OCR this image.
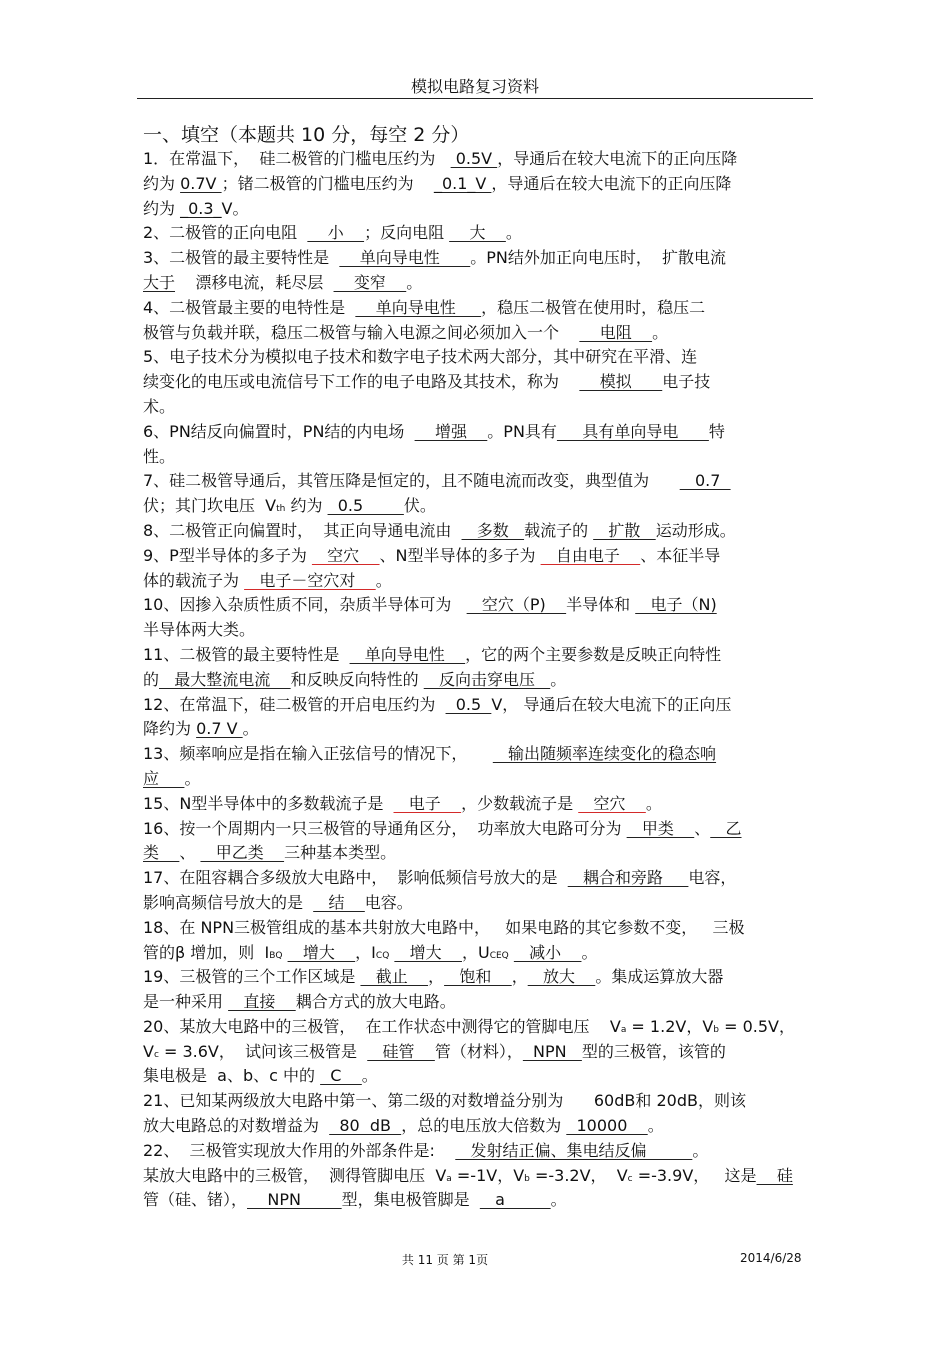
模拟电路复习资料
一、填空（本题共 10 分，每空 2 分）
1．在常温下，  硅二极管的门槛电压约为    0.5V ，导通后在较大电流下的正向压降
约为 0.7V ；锗二极管的门槛电压约为    _0.1_V ，导通后在较大电流下的正向压降
约为 _0.3_V。
2、二极管的正向电阻      小    ；反向电阻     大    。
3、二极管的最主要特性是      单向导电性      。PN结外加正向电压时，  扩散电流
大于    漂移电流，耗尽层      变窄    。
4、二极管最主要的电特性是      单向导电性     ，稳压二极管在使用时，稳压二
极管与负载并联，稳压二极管与输入电源之间必须加入一个        电阻    。
5、电子技术分为模拟电子技术和数字电子技术两大部分，其中研究在平滑、连
续变化的电压或电流信号下工作的电子电路及其技术，称为        模拟      电子技
术。
6、PN结反向偏置时，PN结的内电场      增强    。PN具有     具有单向导电      特
性。
7、硅二极管导通后，其管压降是恒定的，且不随电流而改变，典型值为         0.7
伏；其门坎电压  Vth 约为   0.5        伏。
8、二极管正向偏置时，  其正向导通电流由     多数   载流子的    扩散   运动形成。
9、P型半导体的多子为    空穴    、N型半导体的多子为    自由电子    、本征半导
体的载流子为    电子－空穴对    。
10、因掺入杂质性质不同，杂质半导体可为      空穴（P)    半导体和    电子（N)
半导体两大类。
11、二极管的最主要特性是     单向导电性    ，它的两个主要参数是反映正向特性
的   最大整流电流    和反映反向特性的    反向击穿电压   。
12、在常温下，硅二极管的开启电压约为    0.5  V， 导通后在较大电流下的正向压
降约为 0.7 V 。
13、频率响应是指在输入正弦信号的情况下，        输出随频率连续变化的稳态响
应     。
15、N型半导体中的多数载流子是     电子    ，少数载流子是    空穴    。
16、按一个周期内一只三极管的导通角区分，  功率放大电路可分为    甲类    、   乙
类    、    甲乙类    三种基本类型。
17、在阻容耦合多级放大电路中，  影响低频信号放大的是     耦合和旁路     电容，
影响高频信号放大的是     结    电容。
18、在 NPN三极管组成的基本共射放大电路中，   如果电路的其它参数不变，   三极
管的β 增加，则  IBQ    增大    ，ICQ    增大    ，UCEQ    减小    。
19、三极管的三个工作区域是    截止    ，   饱和    ，   放大    。集成运算放大器
是一种采用    直接    耦合方式的放大电路。
20、某放大电路中的三极管，  在工作状态中测得它的管脚电压    Va = 1.2V，Vb = 0.5V，
Vc = 3.6V，  试问该三极管是     硅管    管（材料），  NPN   型的三极管，该管的
集电极是  a、b、c 中的   C    。
21、已知某两级放大电路中第一、第二级的对数增益分别为      60dB和 20dB，则该
放大电路总的对数增益为    80  dB  ，总的电压放大倍数为   10000    。
22、  三极管实现放大作用的外部条件是:       发射结正偏、集电结反偏         。
某放大电路中的三极管，  测得管脚电压  Va =-1V，Vb =-3.2V，  Vc =-3.9V，   这是    硅
管（硅、锗），    NPN        型，集电极管脚是     a         。
共 11 页 第 1页	2014/6/28
